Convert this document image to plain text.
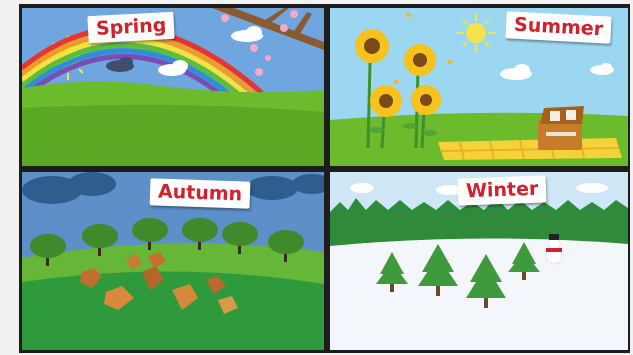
Spring	Summer
Autumn	Winter
